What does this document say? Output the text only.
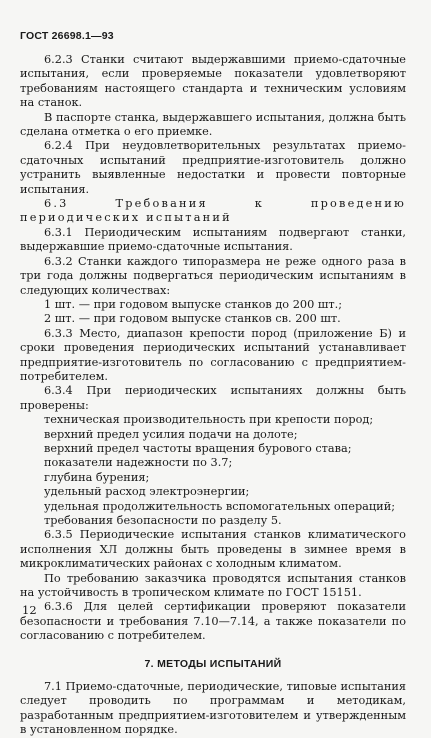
ГОСТ 26698.1—93

6.2.3 Станки считают выдержавшими приемо-сдаточные испытания, если проверяемые показатели удовлетворяют требованиям настоящего стандарта и техническим условиям на станок.

В паспорте станка, выдержавшего испытания, должна быть сделана отметка о его приемке.

6.2.4 При неудовлетворительных результатах приемо-сдаточных испытаний предприятие-изготовитель должно устранить выявленные недостатки и провести повторные испытания.

6.3 Требования к проведению периодических испытаний

6.3.1 Периодическим испытаниям подвергают станки, выдержавшие приемо-сдаточные испытания.

6.3.2 Станки каждого типоразмера не реже одного раза в три года должны подвергаться периодическим испытаниям в следующих количествах:

1 шт. — при годовом выпуске станков до 200 шт.;

2 шт. — при годовом выпуске станков св. 200 шт.

6.3.3 Место, диапазон крепости пород (приложение Б) и сроки проведения периодических испытаний устанавливает предприятие-изготовитель по согласованию с предприятием-потребителем.

6.3.4 При периодических испытаниях должны быть проверены:

техническая производительность при крепости пород;

верхний предел усилия подачи на долоте;

верхний предел частоты вращения бурового става;

показатели надежности по 3.7;

глубина бурения;

удельный расход электроэнергии;

удельная продолжительность вспомогательных операций;

требования безопасности по разделу 5.

6.3.5 Периодические испытания станков климатического исполнения ХЛ должны быть проведены в зимнее время в микроклиматических районах с холодным климатом.

По требованию заказчика проводятся испытания станков на устойчивость в тропическом климате по ГОСТ 15151.

6.3.6 Для целей сертификации проверяют показатели безопасности и требования 7.10—7.14, а также показатели по согласованию с потребителем.

7. МЕТОДЫ ИСПЫТАНИЙ

7.1 Приемо-сдаточные, периодические, типовые испытания следует проводить по программам и методикам, разработанным предприятием-изготовителем и утвержденным в установленном порядке.

12
